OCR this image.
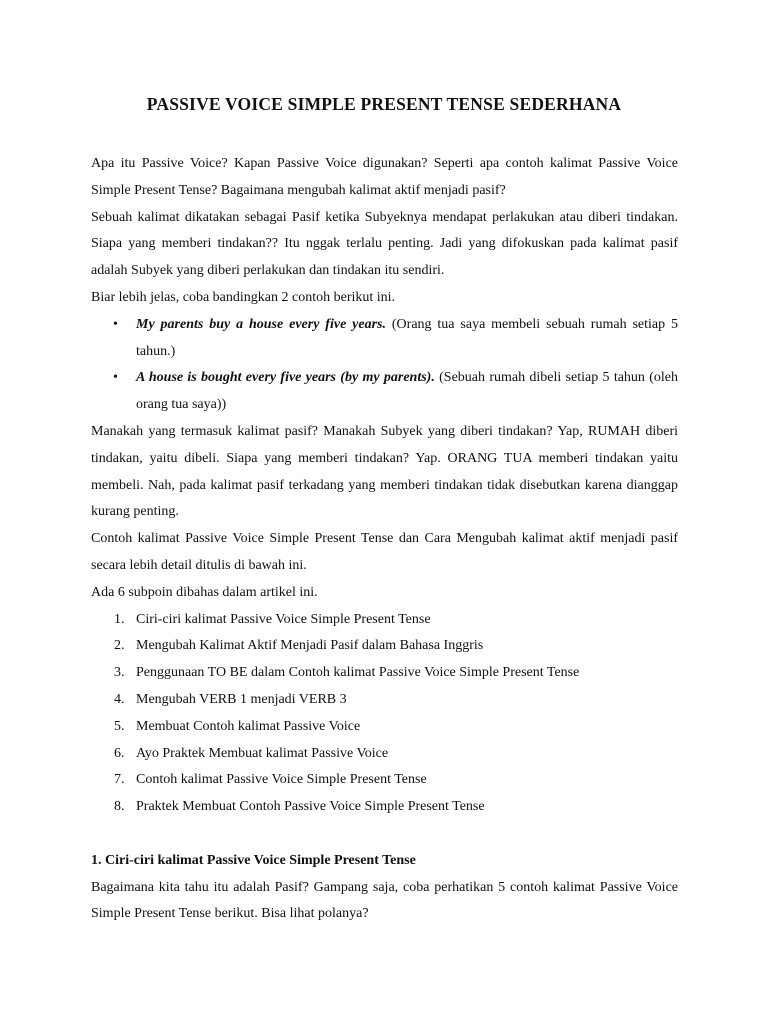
PASSIVE VOICE SIMPLE PRESENT TENSE SEDERHANA

Apa itu Passive Voice? Kapan Passive Voice digunakan? Seperti apa contoh kalimat Passive Voice Simple Present Tense? Bagaimana mengubah kalimat aktif menjadi pasif?

Sebuah kalimat dikatakan sebagai Pasif ketika Subyeknya mendapat perlakukan atau diberi tindakan. Siapa yang memberi tindakan?? Itu nggak terlalu penting. Jadi yang difokuskan pada kalimat pasif adalah Subyek yang diberi perlakukan dan tindakan itu sendiri.

Biar lebih jelas, coba bandingkan 2 contoh berikut ini.

• My parents buy a house every five years. (Orang tua saya membeli sebuah rumah setiap 5 tahun.)
• A house is bought every five years (by my parents). (Sebuah rumah dibeli setiap 5 tahun (oleh orang tua saya))

Manakah yang termasuk kalimat pasif? Manakah Subyek yang diberi tindakan? Yap, RUMAH diberi tindakan, yaitu dibeli. Siapa yang memberi tindakan? Yap. ORANG TUA memberi tindakan yaitu membeli. Nah, pada kalimat pasif terkadang yang memberi tindakan tidak disebutkan karena dianggap kurang penting.

Contoh kalimat Passive Voice Simple Present Tense dan Cara Mengubah kalimat aktif menjadi pasif secara lebih detail ditulis di bawah ini.

Ada 6 subpoin dibahas dalam artikel ini.

1. Ciri-ciri kalimat Passive Voice Simple Present Tense
2. Mengubah Kalimat Aktif Menjadi Pasif dalam Bahasa Inggris
3. Penggunaan TO BE dalam Contoh kalimat Passive Voice Simple Present Tense
4. Mengubah VERB 1 menjadi VERB 3
5. Membuat Contoh kalimat Passive Voice
6. Ayo Praktek Membuat kalimat Passive Voice
7. Contoh kalimat Passive Voice Simple Present Tense
8. Praktek Membuat Contoh Passive Voice Simple Present Tense

1. Ciri-ciri kalimat Passive Voice Simple Present Tense

Bagaimana kita tahu itu adalah Pasif? Gampang saja, coba perhatikan 5 contoh kalimat Passive Voice Simple Present Tense berikut. Bisa lihat polanya?
